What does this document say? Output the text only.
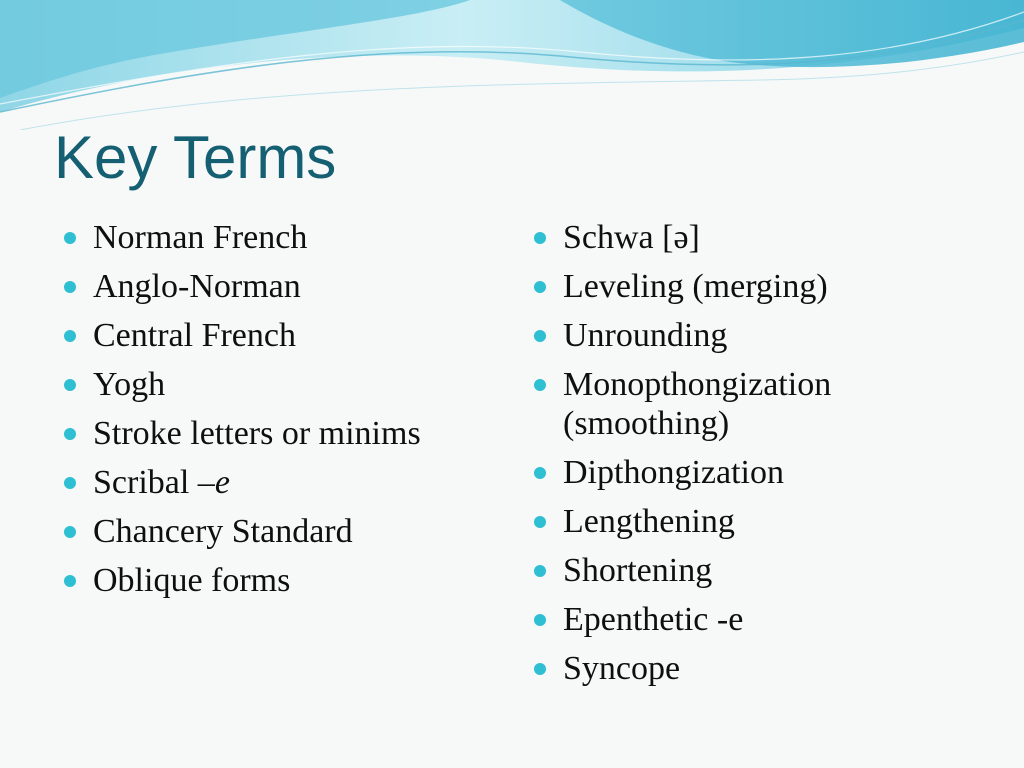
Key Terms
Norman French
Anglo-Norman
Central French
Yogh
Stroke letters or minims
Scribal –e
Chancery Standard
Oblique forms
Schwa [ə]
Leveling (merging)
Unrounding
Monopthongization (smoothing)
Dipthongization
Lengthening
Shortening
Epenthetic -e
Syncope
